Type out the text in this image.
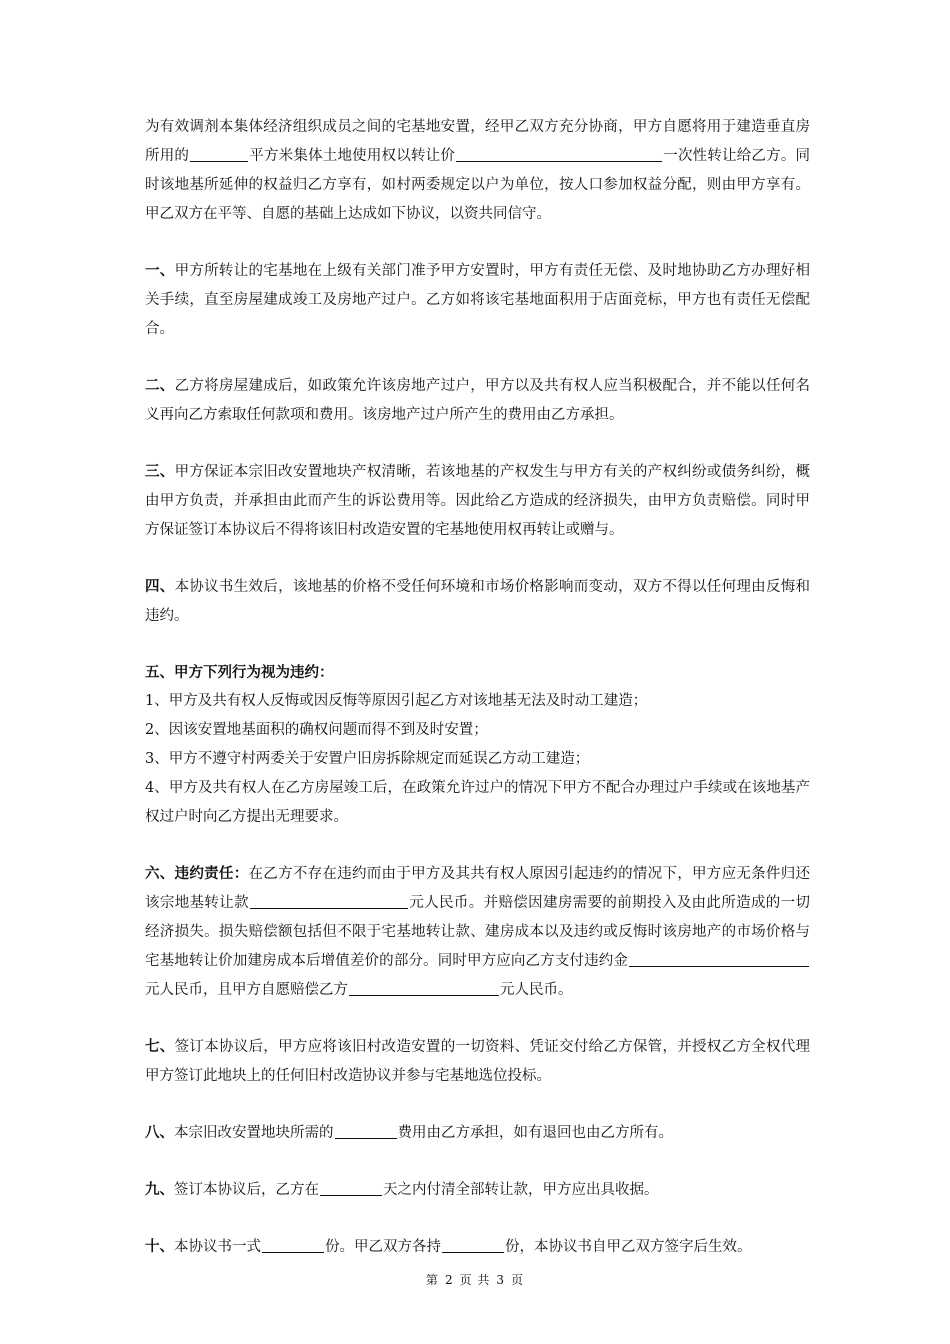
为有效调剂本集体经济组织成员之间的宅基地安置，经甲乙双方充分协商，甲方自愿将用于建造垂直房所用的	平方米集体土地使用权以转让价	一次性转让给乙方。同时该地基所延伸的权益归乙方享有，如村两委规定以户为单位，按人口参加权益分配，则由甲方享有。甲乙双方在平等、自愿的基础上达成如下协议，以资共同信守。

一、甲方所转让的宅基地在上级有关部门准予甲方安置时，甲方有责任无偿、及时地协助乙方办理好相关手续，直至房屋建成竣工及房地产过户。乙方如将该宅基地面积用于店面竞标，甲方也有责任无偿配合。

二、乙方将房屋建成后，如政策允许该房地产过户，甲方以及共有权人应当积极配合，并不能以任何名义再向乙方索取任何款项和费用。该房地产过户所产生的费用由乙方承担。

三、甲方保证本宗旧改安置地块产权清晰，若该地基的产权发生与甲方有关的产权纠纷或债务纠纷，概由甲方负责，并承担由此而产生的诉讼费用等。因此给乙方造成的经济损失，由甲方负责赔偿。同时甲方保证签订本协议后不得将该旧村改造安置的宅基地使用权再转让或赠与。

四、本协议书生效后，该地基的价格不受任何环境和市场价格影响而变动，双方不得以任何理由反悔和违约。

五、甲方下列行为视为违约：

1、甲方及共有权人反悔或因反悔等原因引起乙方对该地基无法及时动工建造；

2、因该安置地基面积的确权问题而得不到及时安置；

3、甲方不遵守村两委关于安置户旧房拆除规定而延误乙方动工建造；

4、甲方及共有权人在乙方房屋竣工后，在政策允许过户的情况下甲方不配合办理过户手续或在该地基产权过户时向乙方提出无理要求。

六、违约责任：在乙方不存在违约而由于甲方及其共有权人原因引起违约的情况下，甲方应无条件归还该宗地基转让款	元人民币。并赔偿因建房需要的前期投入及由此所造成的一切经济损失。损失赔偿额包括但不限于宅基地转让款、建房成本以及违约或反悔时该房地产的市场价格与宅基地转让价加建房成本后增值差价的部分。同时甲方应向乙方支付违约金元人民币，且甲方自愿赔偿乙方	元人民币。

七、签订本协议后，甲方应将该旧村改造安置的一切资料、凭证交付给乙方保管，并授权乙方全权代理甲方签订此地块上的任何旧村改造协议并参与宅基地选位投标。

八、本宗旧改安置地块所需的	费用由乙方承担，如有退回也由乙方所有。

九、签订本协议后，乙方在	天之内付清全部转让款，甲方应出具收据。

十、本协议书一式	份。甲乙双方各持	份，本协议书自甲乙双方签字后生效。

第 2 页 共 3 页
